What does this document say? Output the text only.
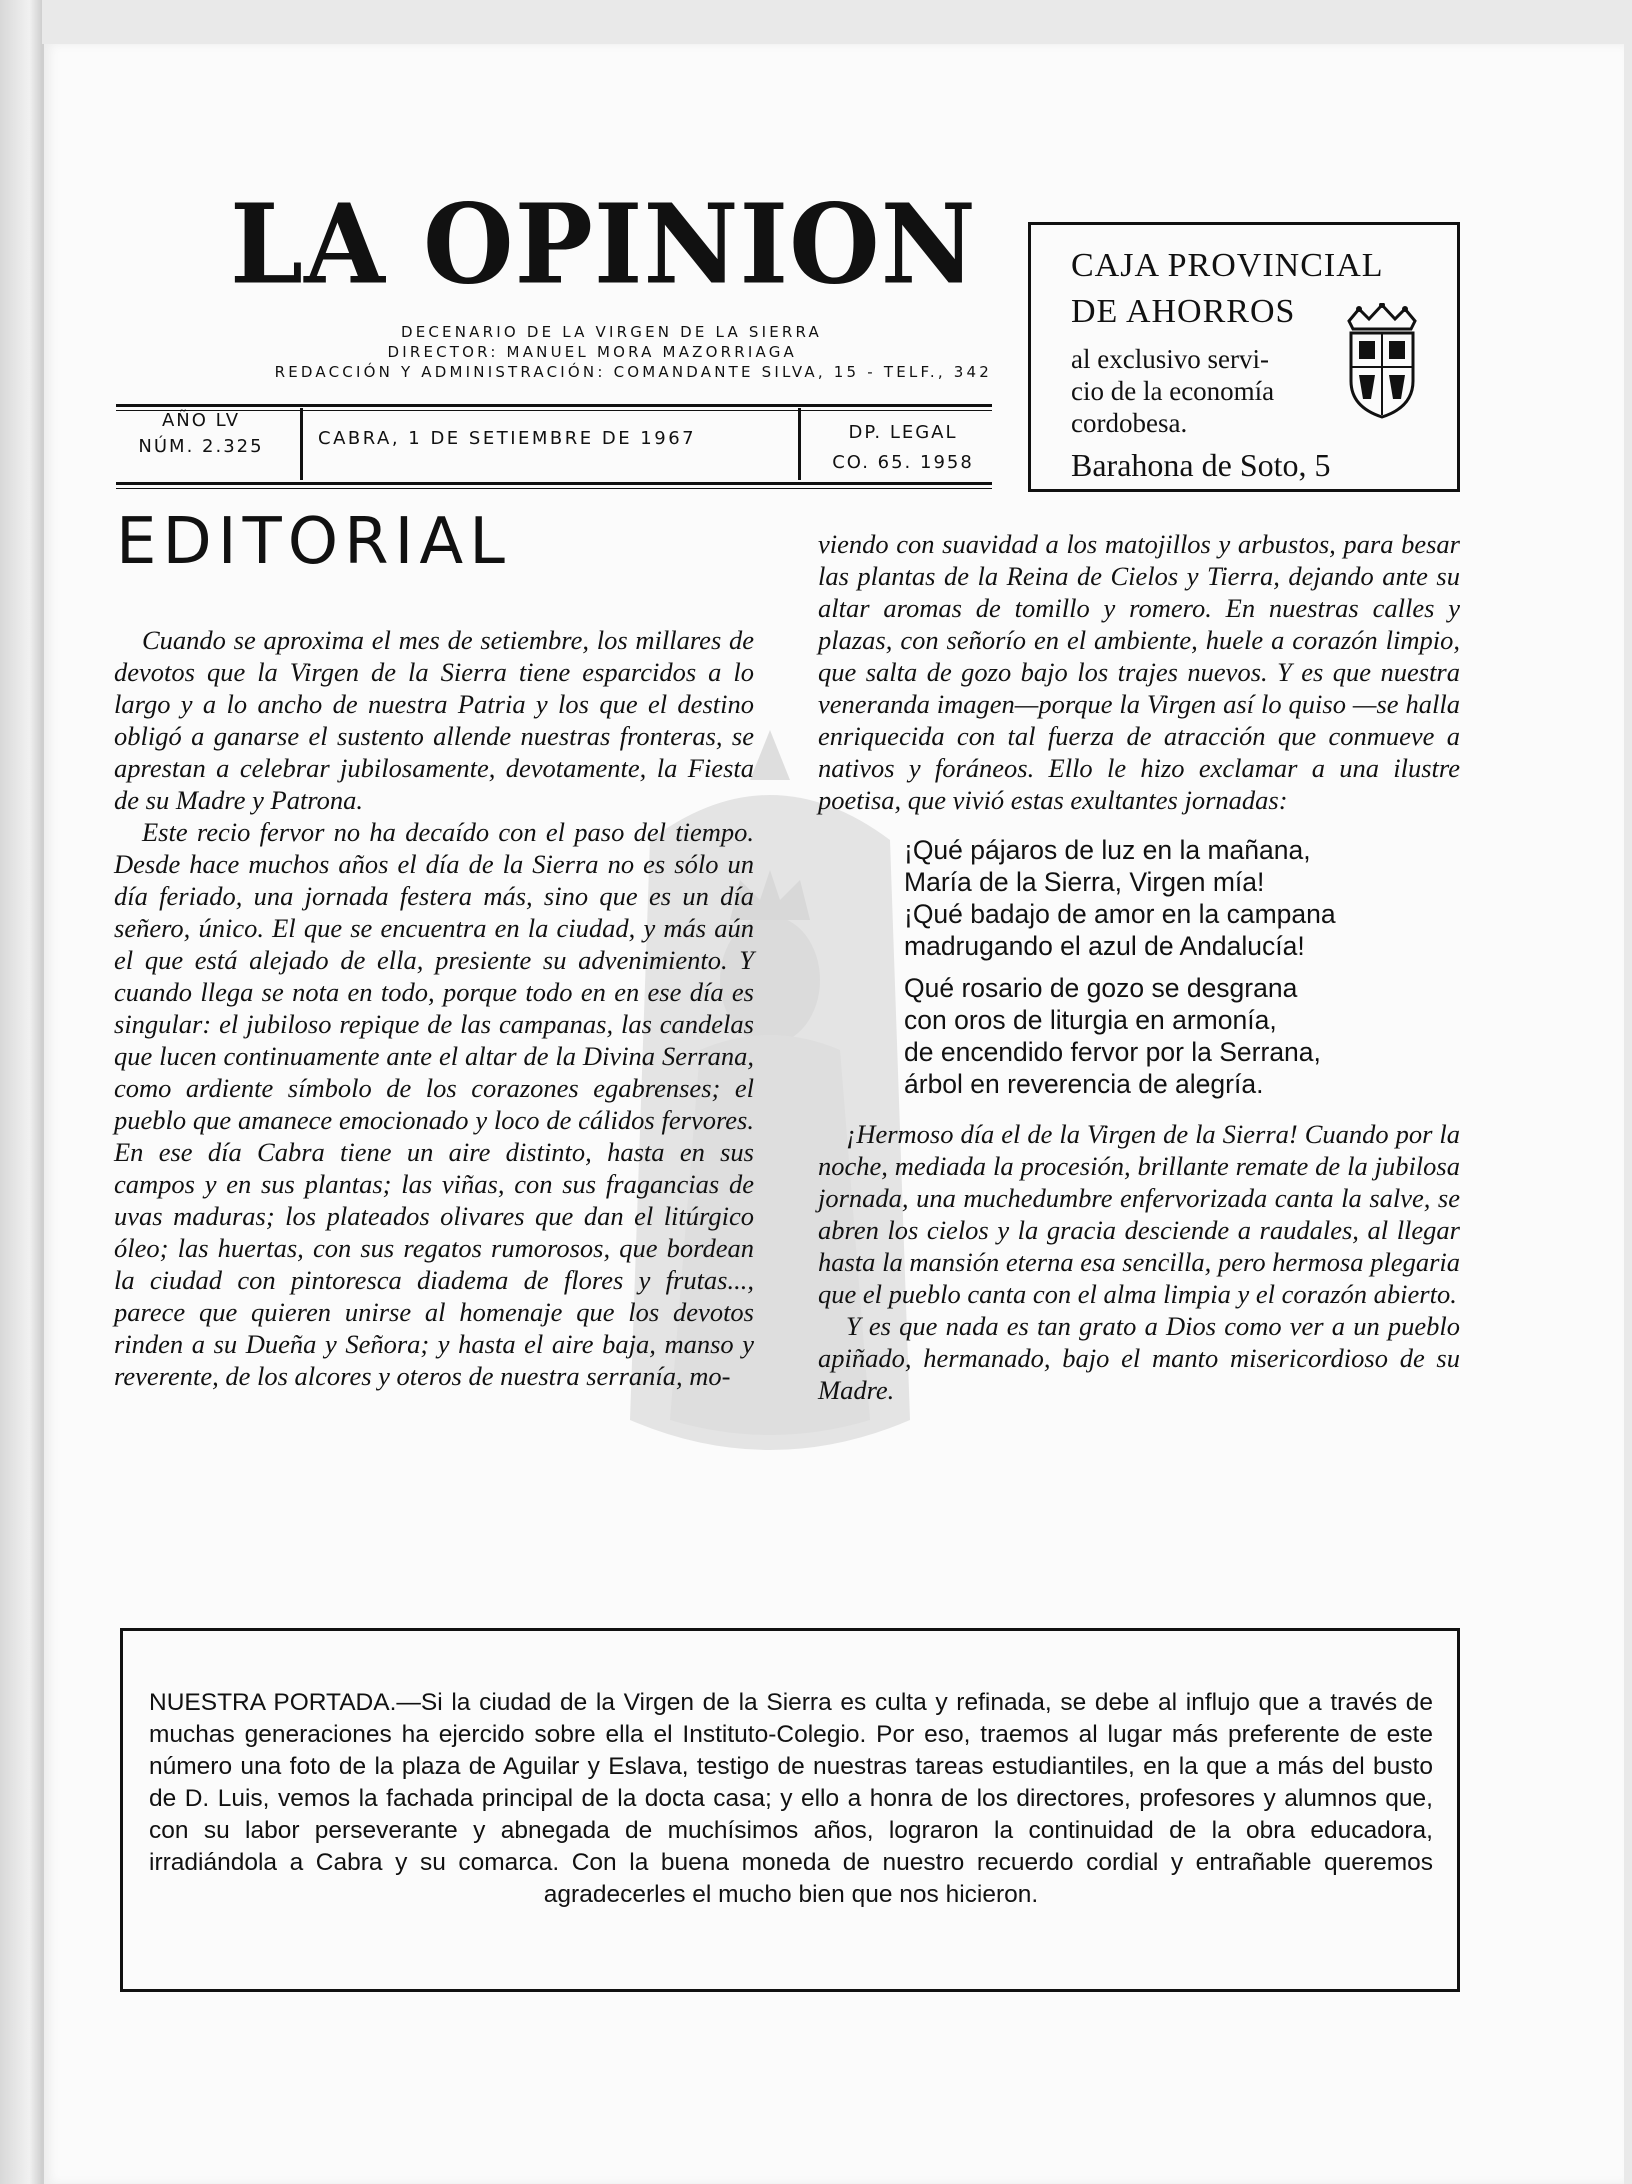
LA OPINION
DECENARIO DE LA VIRGEN DE LA SIERRA
DIRECTOR: MANUEL MORA MAZORRIAGA
REDACCIÓN Y ADMINISTRACIÓN: COMANDANTE SILVA, 15 - TELF., 342
AÑO LV
NÚM. 2.325	CABRA, 1 DE SETIEMBRE DE 1967	DP. LEGAL
CO. 65. 1958
CAJA PROVINCIAL
DE AHORROS
al exclusivo servi-
cio de la economía
cordobesa.
Barahona de Soto, 5
EDITORIAL

Cuando se aproxima el mes de setiembre, los millares de devotos que la Virgen de la Sierra tiene esparcidos a lo largo y a lo ancho de nuestra Patria y los que el destino obligó a ganarse el sustento allende nuestras fronteras, se aprestan a celebrar jubilosamente, devotamente, la Fiesta de su Madre y Patrona.

Este recio fervor no ha decaído con el paso del tiempo. Desde hace muchos años el día de la Sierra no es sólo un día feriado, una jornada festera más, sino que es un día señero, único. El que se encuentra en la ciudad, y más aún el que está alejado de ella, presiente su advenimiento. Y cuando llega se nota en todo, porque todo en en ese día es singular: el jubiloso repique de las campanas, las candelas que lucen continuamente ante el altar de la Divina Serrana, como ardiente símbolo de los corazones egabrenses; el pueblo que amanece emocionado y loco de cálidos fervores. En ese día Cabra tiene un aire distinto, hasta en sus campos y en sus plantas; las viñas, con sus fragancias de uvas maduras; los plateados olivares que dan el litúrgico óleo; las huertas, con sus regatos rumorosos, que bordean la ciudad con pintoresca diadema de flores y frutas..., parece que quieren unirse al homenaje que los devotos rinden a su Dueña y Señora; y hasta el aire baja, manso y reverente, de los alcores y oteros de nuestra serranía, mo-

viendo con suavidad a los matojillos y arbustos, para besar las plantas de la Reina de Cielos y Tierra, dejando ante su altar aromas de tomillo y romero. En nuestras calles y plazas, con señorío en el ambiente, huele a corazón limpio, que salta de gozo bajo los trajes nuevos. Y es que nuestra veneranda imagen—porque la Virgen así lo quiso —se halla enriquecida con tal fuerza de atracción que conmueve a nativos y foráneos. Ello le hizo exclamar a una ilustre poetisa, que vivió estas exultantes jornadas:

¡Qué pájaros de luz en la mañana,
María de la Sierra, Virgen mía!
¡Qué badajo de amor en la campana
madrugando el azul de Andalucía!
Qué rosario de gozo se desgrana
con oros de liturgia en armonía,
de encendido fervor por la Serrana,
árbol en reverencia de alegría.

¡Hermoso día el de la Virgen de la Sierra! Cuando por la noche, mediada la procesión, brillante remate de la jubilosa jornada, una muchedumbre enfervorizada canta la salve, se abren los cielos y la gracia desciende a raudales, al llegar hasta la mansión eterna esa sencilla, pero hermosa plegaria que el pueblo canta con el alma limpia y el corazón abierto.

Y es que nada es tan grato a Dios como ver a un pueblo apiñado, hermanado, bajo el manto misericordioso de su Madre.

NUESTRA PORTADA.—Si la ciudad de la Virgen de la Sierra es culta y refinada, se debe al influjo que a través de muchas generaciones ha ejercido sobre ella el Instituto-Colegio. Por eso, traemos al lugar más preferente de este número una foto de la plaza de Aguilar y Eslava, testigo de nuestras tareas estudiantiles, en la que a más del busto de D. Luis, vemos la fachada principal de la docta casa; y ello a honra de los directores, profesores y alumnos que, con su labor perseverante y abnegada de muchísimos años, lograron la continuidad de la obra educadora, irradiándola a Cabra y su comarca. Con la buena moneda de nuestro recuerdo cordial y entrañable queremos agradecerles el mucho bien que nos hicieron.
